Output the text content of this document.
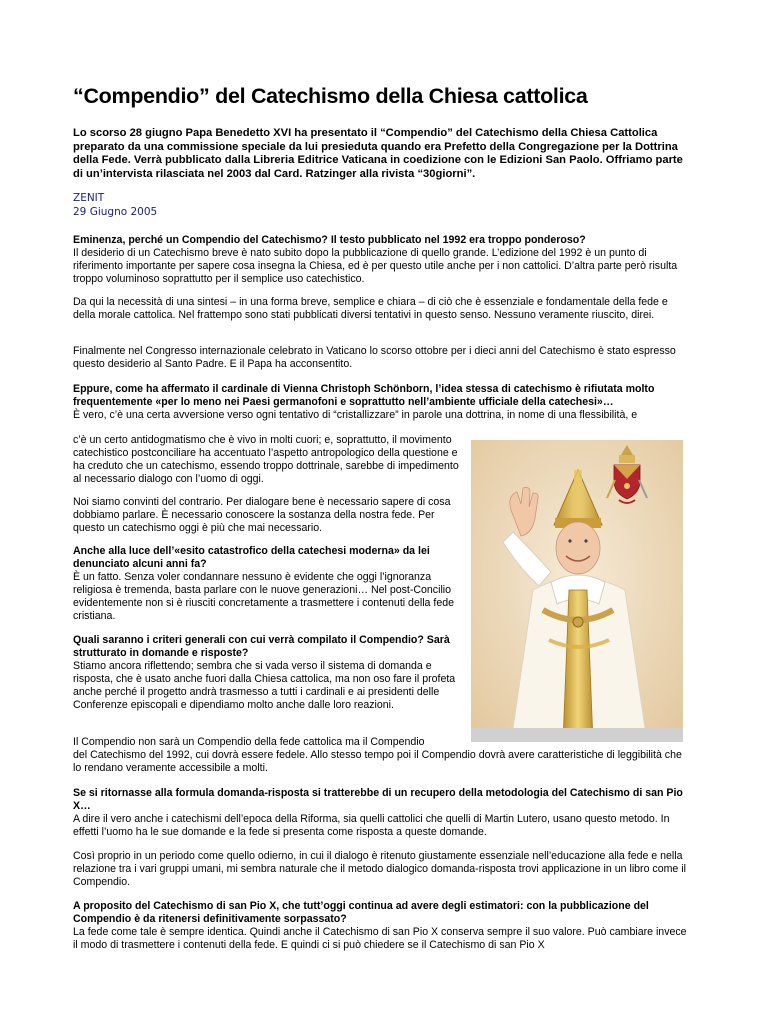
“Compendio” del Catechismo della Chiesa cattolica
Lo scorso 28 giugno Papa Benedetto XVI ha presentato il “Compendio” del Catechismo della Chiesa Cattolica preparato da una commissione speciale da lui presieduta quando era Prefetto della Congregazione per la Dottrina della Fede. Verrà pubblicato dalla Libreria Editrice Vaticana in coedizione con le Edizioni San Paolo. Offriamo parte di un’intervista rilasciata nel 2003 dal Card. Ratzinger alla rivista “30giorni”.
ZENIT
29 Giugno 2005
Eminenza, perché un Compendio del Catechismo? Il testo pubblicato nel 1992 era troppo ponderoso?

Il desiderio di un Catechismo breve è nato subito dopo la pubblicazione di quello grande. L’edizione del 1992 è un punto di riferimento importante per sapere cosa insegna la Chiesa, ed è per questo utile anche per i non cattolici. D’altra parte però risulta troppo voluminoso soprattutto per il semplice uso catechistico.

Da qui la necessità di una sintesi – in una forma breve, semplice e chiara – di ciò che è essenziale e fondamentale della fede e della morale cattolica. Nel frattempo sono stati pubblicati diversi tentativi in questo senso. Nessuno veramente riuscito, direi.

Finalmente nel Congresso internazionale celebrato in Vaticano lo scorso ottobre per i dieci anni del Catechismo è stato espresso questo desiderio al Santo Padre. E il Papa ha acconsentito.

Eppure, come ha affermato il cardinale di Vienna Christoph Schönborn, l’idea stessa di catechismo è rifiutata molto frequentemente «per lo meno nei Paesi germanofoni e soprattutto nell’ambiente ufficiale della catechesi»…

È vero, c’è una certa avversione verso ogni tentativo di “cristallizzare” in parole una dottrina, in nome di una flessibilità, e

c’è un certo antidogmatismo che è vivo in molti cuori; e, soprattutto, il movimento catechistico postconciliare ha accentuato l’aspetto antropologico della questione e ha creduto che un catechismo, essendo troppo dottrinale, sarebbe di impedimento al necessario dialogo con l’uomo di oggi.

Noi siamo convinti del contrario. Per dialogare bene è necessario sapere di cosa dobbiamo parlare. È necessario conoscere la sostanza della nostra fede. Per questo un catechismo oggi è più che mai necessario.

Anche alla luce dell’«esito catastrofico della catechesi moderna» da lei denunciato alcuni anni fa?

È un fatto. Senza voler condannare nessuno è evidente che oggi l’ignoranza religiosa è tremenda, basta parlare con le nuove generazioni… Nel post-Concilio evidentemente non si è riusciti concretamente a trasmettere i contenuti della fede cristiana.

Quali saranno i criteri generali con cui verrà compilato il Compendio? Sarà strutturato in domande e risposte?

Stiamo ancora riflettendo; sembra che si vada verso il sistema di domanda e risposta, che è usato anche fuori dalla Chiesa cattolica, ma non oso fare il profeta anche perché il progetto andrà trasmesso a tutti i cardinali e ai presidenti delle Conferenze episcopali e dipendiamo molto anche dalle loro reazioni.

Il Compendio non sarà un Compendio della fede cattolica ma il Compendio

del Catechismo del 1992, cui dovrà essere fedele. Allo stesso tempo poi il Compendio dovrà avere caratteristiche di leggibilità che lo rendano veramente accessibile a molti.

Se si ritornasse alla formula domanda-risposta si tratterebbe di un recupero della metodologia del Catechismo di san Pio X…

A dire il vero anche i catechismi dell’epoca della Riforma, sia quelli cattolici che quelli di Martin Lutero, usano questo metodo. In effetti l’uomo ha le sue domande e la fede si presenta come risposta a queste domande.

Così proprio in un periodo come quello odierno, in cui il dialogo è ritenuto giustamente essenziale nell’educazione alla fede e nella relazione tra i vari gruppi umani, mi sembra naturale che il metodo dialogico domanda-risposta trovi applicazione in un libro come il Compendio.

A proposito del Catechismo di san Pio X, che tutt’oggi continua ad avere degli estimatori: con la pubblicazione del Compendio è da ritenersi definitivamente sorpassato?

La fede come tale è sempre identica. Quindi anche il Catechismo di san Pio X conserva sempre il suo valore. Può cambiare invece il modo di trasmettere i contenuti della fede. E quindi ci si può chiedere se il Catechismo di san Pio X
